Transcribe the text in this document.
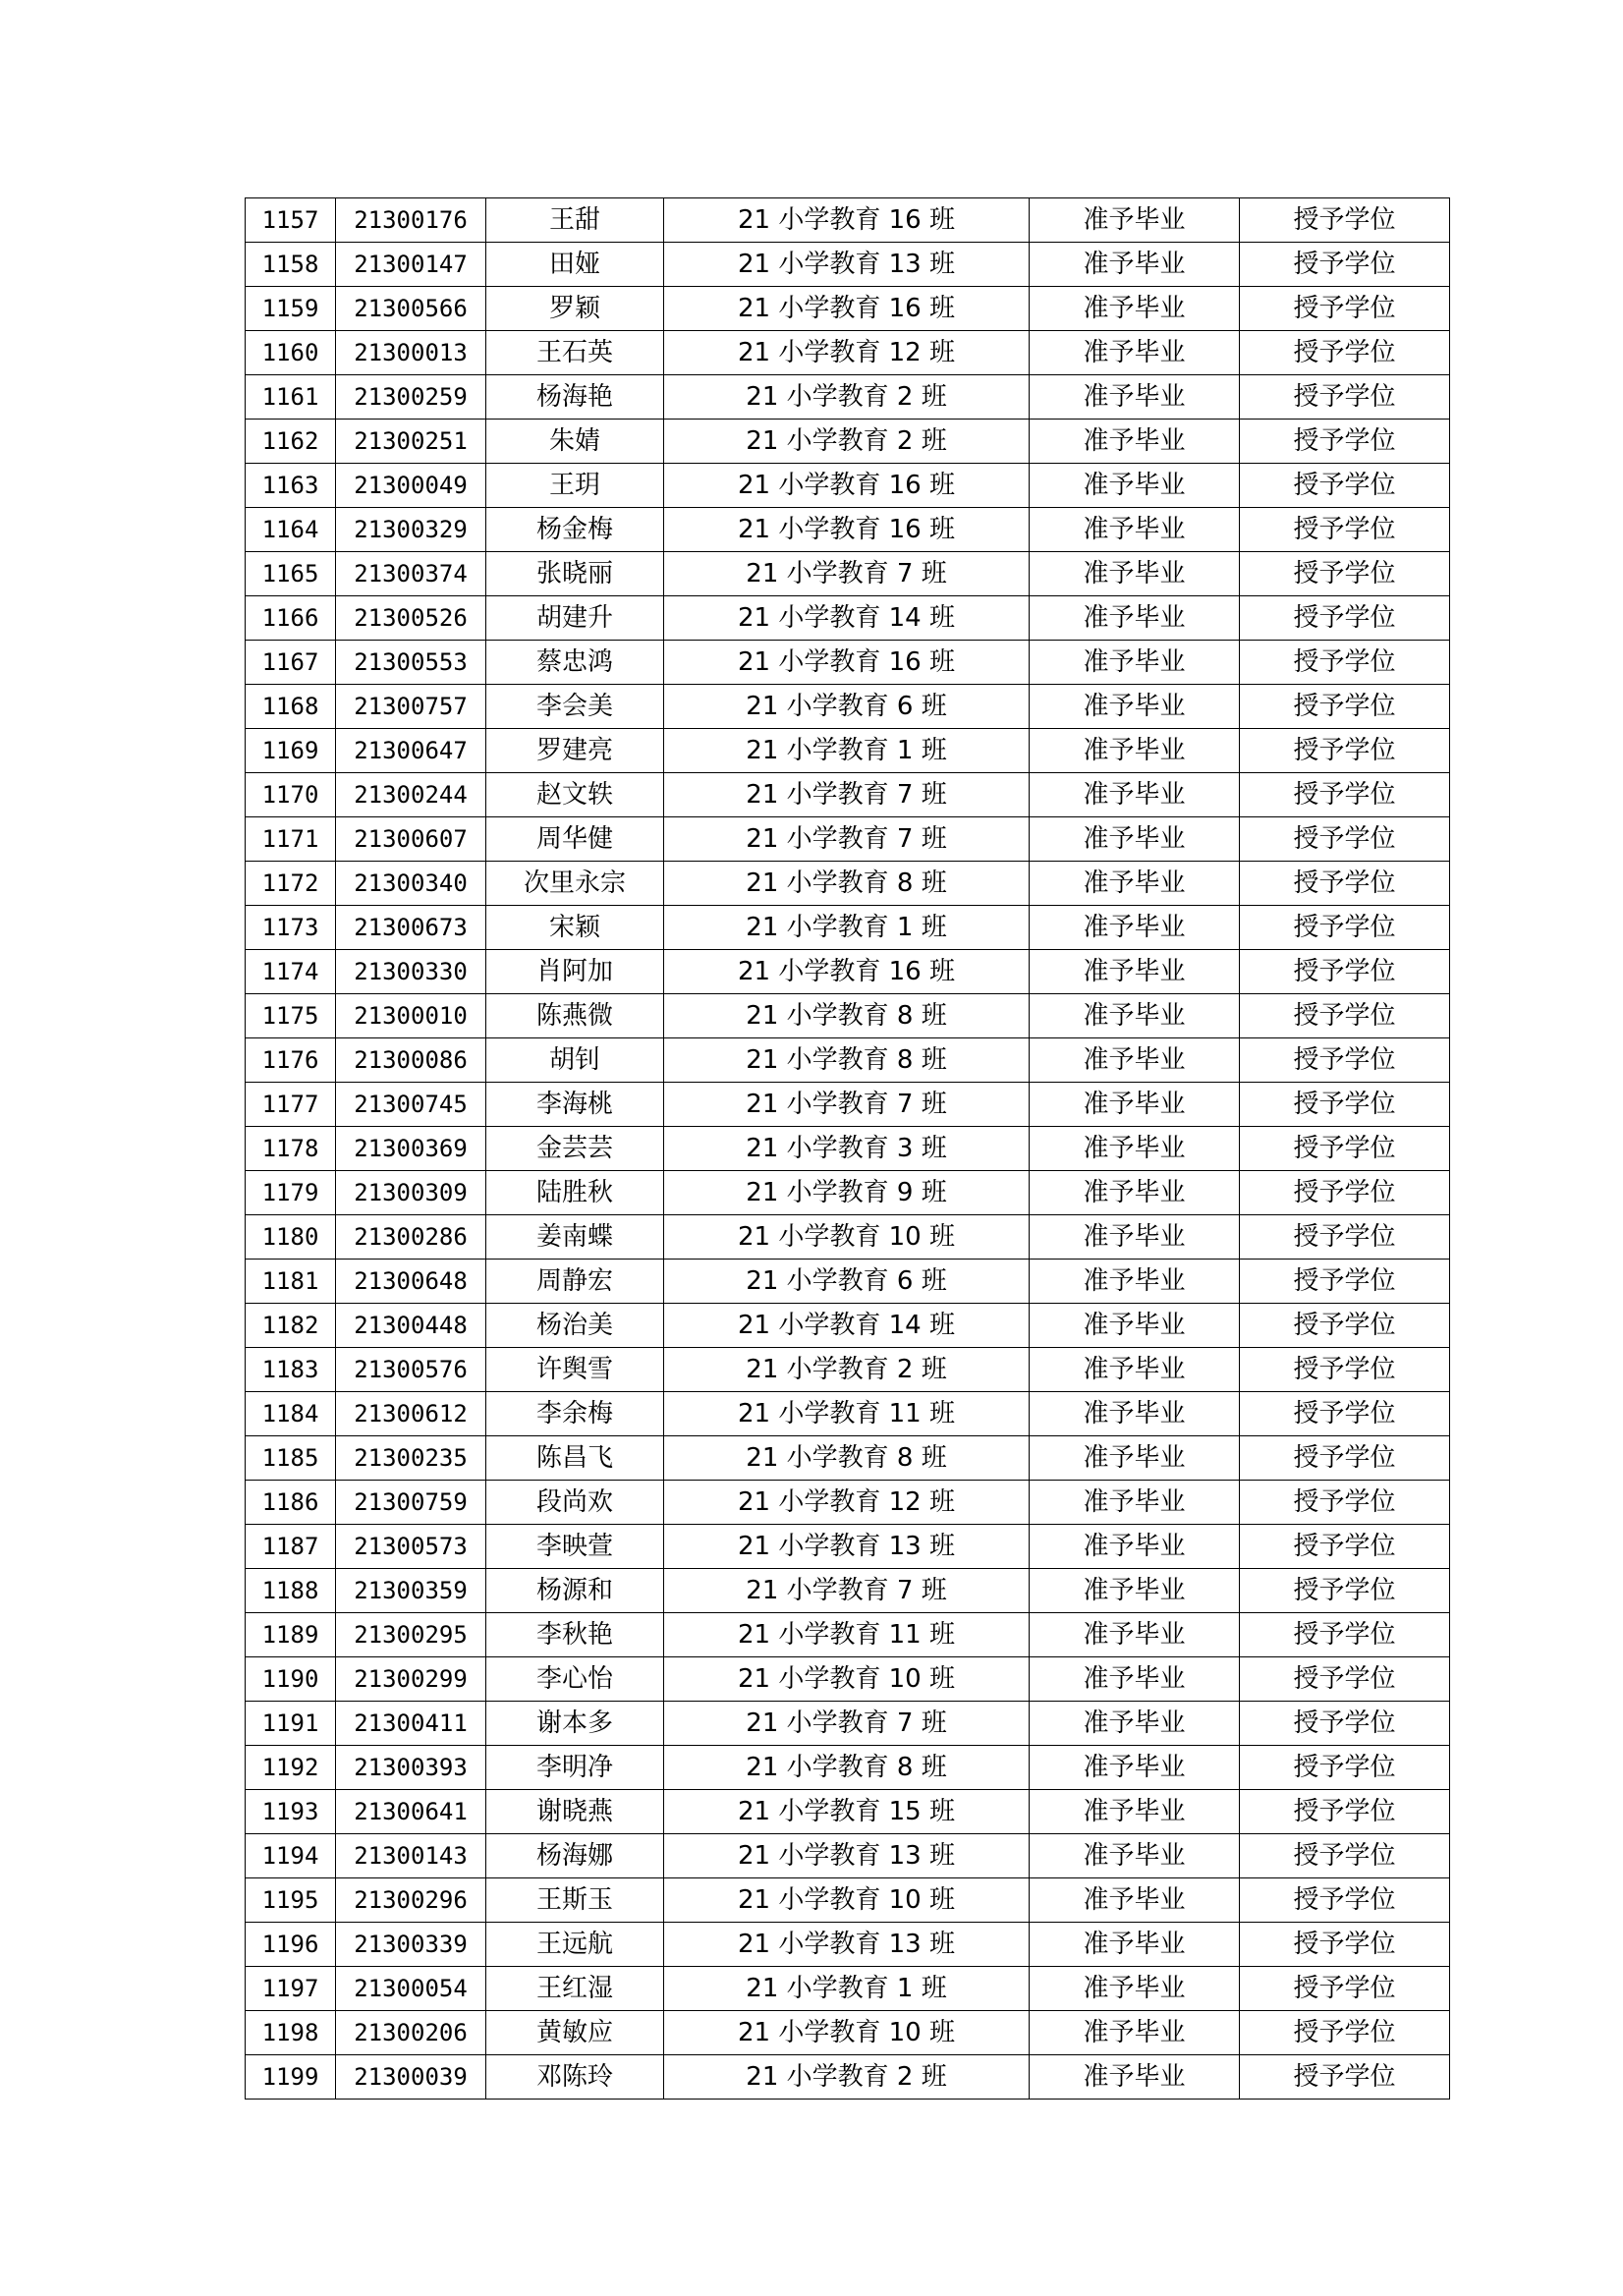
1157	21300176	王甜	21 小学教育 16 班	准予毕业	授予学位
1158	21300147	田娅	21 小学教育 13 班	准予毕业	授予学位
1159	21300566	罗颖	21 小学教育 16 班	准予毕业	授予学位
1160	21300013	王石英	21 小学教育 12 班	准予毕业	授予学位
1161	21300259	杨海艳	21 小学教育 2 班	准予毕业	授予学位
1162	21300251	朱婧	21 小学教育 2 班	准予毕业	授予学位
1163	21300049	王玥	21 小学教育 16 班	准予毕业	授予学位
1164	21300329	杨金梅	21 小学教育 16 班	准予毕业	授予学位
1165	21300374	张晓丽	21 小学教育 7 班	准予毕业	授予学位
1166	21300526	胡建升	21 小学教育 14 班	准予毕业	授予学位
1167	21300553	蔡忠鸿	21 小学教育 16 班	准予毕业	授予学位
1168	21300757	李会美	21 小学教育 6 班	准予毕业	授予学位
1169	21300647	罗建亮	21 小学教育 1 班	准予毕业	授予学位
1170	21300244	赵文轶	21 小学教育 7 班	准予毕业	授予学位
1171	21300607	周华健	21 小学教育 7 班	准予毕业	授予学位
1172	21300340	次里永宗	21 小学教育 8 班	准予毕业	授予学位
1173	21300673	宋颖	21 小学教育 1 班	准予毕业	授予学位
1174	21300330	肖阿加	21 小学教育 16 班	准予毕业	授予学位
1175	21300010	陈燕微	21 小学教育 8 班	准予毕业	授予学位
1176	21300086	胡钊	21 小学教育 8 班	准予毕业	授予学位
1177	21300745	李海桃	21 小学教育 7 班	准予毕业	授予学位
1178	21300369	金芸芸	21 小学教育 3 班	准予毕业	授予学位
1179	21300309	陆胜秋	21 小学教育 9 班	准予毕业	授予学位
1180	21300286	姜南蝶	21 小学教育 10 班	准予毕业	授予学位
1181	21300648	周静宏	21 小学教育 6 班	准予毕业	授予学位
1182	21300448	杨治美	21 小学教育 14 班	准予毕业	授予学位
1183	21300576	许舆雪	21 小学教育 2 班	准予毕业	授予学位
1184	21300612	李余梅	21 小学教育 11 班	准予毕业	授予学位
1185	21300235	陈昌飞	21 小学教育 8 班	准予毕业	授予学位
1186	21300759	段尚欢	21 小学教育 12 班	准予毕业	授予学位
1187	21300573	李映萱	21 小学教育 13 班	准予毕业	授予学位
1188	21300359	杨源和	21 小学教育 7 班	准予毕业	授予学位
1189	21300295	李秋艳	21 小学教育 11 班	准予毕业	授予学位
1190	21300299	李心怡	21 小学教育 10 班	准予毕业	授予学位
1191	21300411	谢本多	21 小学教育 7 班	准予毕业	授予学位
1192	21300393	李明净	21 小学教育 8 班	准予毕业	授予学位
1193	21300641	谢晓燕	21 小学教育 15 班	准予毕业	授予学位
1194	21300143	杨海娜	21 小学教育 13 班	准予毕业	授予学位
1195	21300296	王斯玉	21 小学教育 10 班	准予毕业	授予学位
1196	21300339	王远航	21 小学教育 13 班	准予毕业	授予学位
1197	21300054	王红湿	21 小学教育 1 班	准予毕业	授予学位
1198	21300206	黄敏应	21 小学教育 10 班	准予毕业	授予学位
1199	21300039	邓陈玲	21 小学教育 2 班	准予毕业	授予学位
